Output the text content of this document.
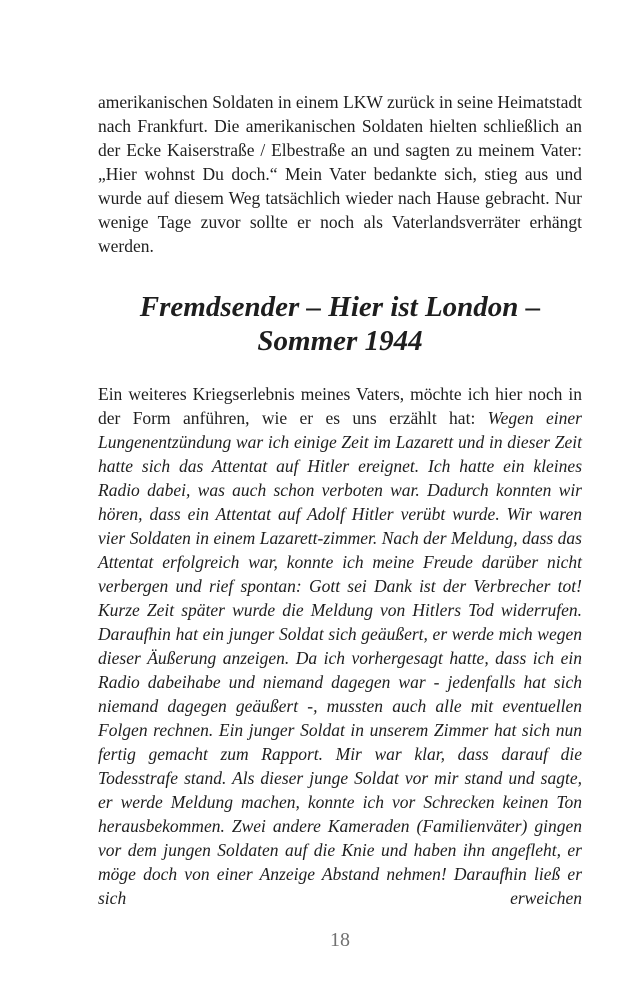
amerikanischen Soldaten in einem LKW zurück in seine Heimatstadt nach Frankfurt. Die amerikanischen Soldaten hielten schließlich an der Ecke Kaiserstraße / Elbestraße an und sagten zu meinem Vater: „Hier wohnst Du doch.“ Mein Vater bedankte sich, stieg aus und wurde auf diesem Weg tatsächlich wieder nach Hause gebracht. Nur wenige Tage zuvor sollte er noch als Vaterlandsverräter erhängt werden.

Fremdsender – Hier ist London –
Sommer 1944

Ein weiteres Kriegserlebnis meines Vaters, möchte ich hier noch in der Form anführen, wie er es uns erzählt hat: Wegen einer Lungenentzündung war ich einige Zeit im Lazarett und in dieser Zeit hatte sich das Attentat auf Hitler ereignet. Ich hatte ein kleines Radio dabei, was auch schon verboten war. Dadurch konnten wir hören, dass ein Attentat auf Adolf Hitler verübt wurde. Wir waren vier Soldaten in einem Lazarett-zimmer. Nach der Meldung, dass das Attentat erfolgreich war, konnte ich meine Freude darüber nicht verbergen und rief spontan: Gott sei Dank ist der Verbrecher tot! Kurze Zeit später wurde die Meldung von Hitlers Tod widerrufen. Daraufhin hat ein junger Soldat sich geäußert, er werde mich wegen dieser Äußerung anzeigen. Da ich vorhergesagt hatte, dass ich ein Radio dabeihabe und niemand dagegen war - jedenfalls hat sich niemand dagegen geäußert -, mussten auch alle mit eventuellen Folgen rechnen. Ein junger Soldat in unserem Zimmer hat sich nun fertig gemacht zum Rapport. Mir war klar, dass darauf die Todesstrafe stand. Als dieser junge Soldat vor mir stand und sagte, er werde Meldung machen, konnte ich vor Schrecken keinen Ton herausbekommen. Zwei andere Kameraden (Familienväter) gingen vor dem jungen Soldaten auf die Knie und haben ihn angefleht, er möge doch von einer Anzeige Abstand nehmen! Daraufhin ließ er sich erweichen

18
